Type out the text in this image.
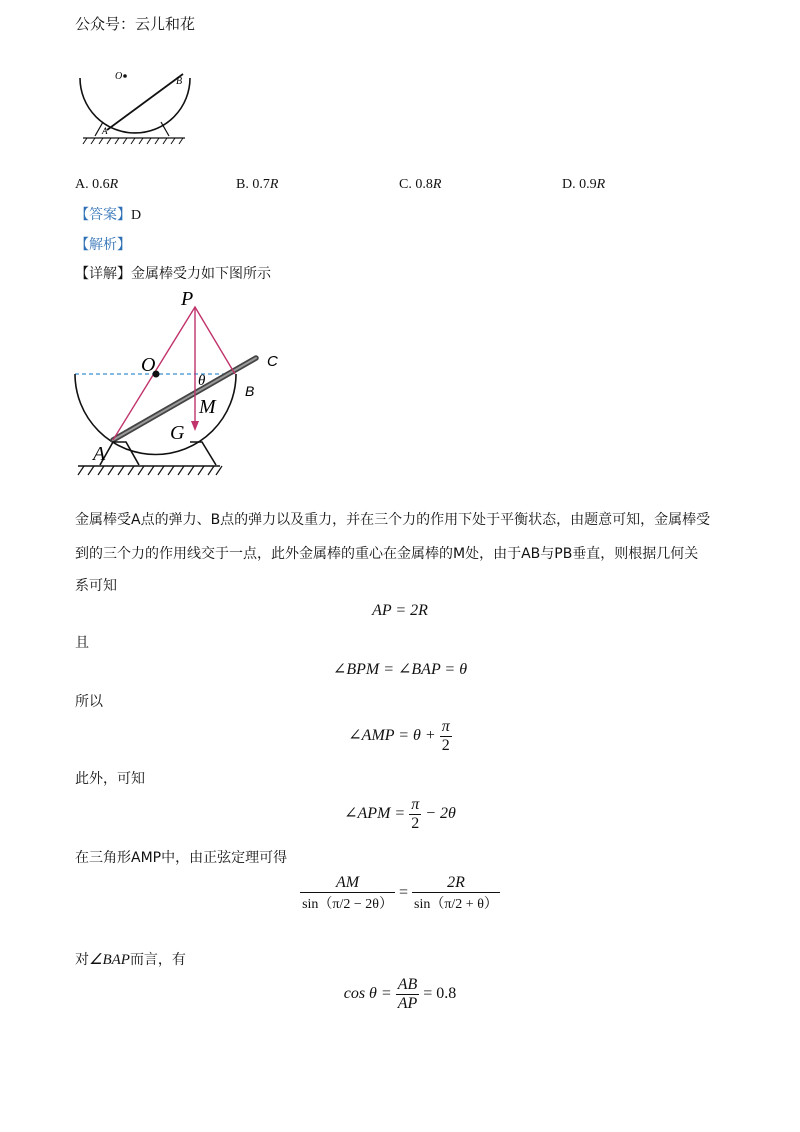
公众号：云儿和花
O
A
B
A. 0.6R	B. 0.7R	C. 0.8R	D. 0.9R
【答案】D
【解析】
【详解】金属棒受力如下图所示
P
O	C
θ
B
M
G
A
金属棒受A点的弹力、B点的弹力以及重力，并在三个力的作用下处于平衡状态，由题意可知，金属棒受
到的三个力的作用线交于一点，此外金属棒的重心在金属棒的M处，由于AB与PB垂直，则根据几何关
系可知
AP = 2R
且
∠BPM = ∠BAP = θ
所以
∠AMP = $\theta + \frac{\pi}{2}$
此外，可知
∠APM = $\frac{\pi}{2} - 2\theta$
在三角形AMP中，由正弦定理可得
$\frac{AM}{\sin(\pi/2 - 2\theta)} = \frac{2R}{\sin(\pi/2 + \theta)}$
对∠BAP而言，有
$\cos \theta = \frac{AB}{AP} = 0.8$
